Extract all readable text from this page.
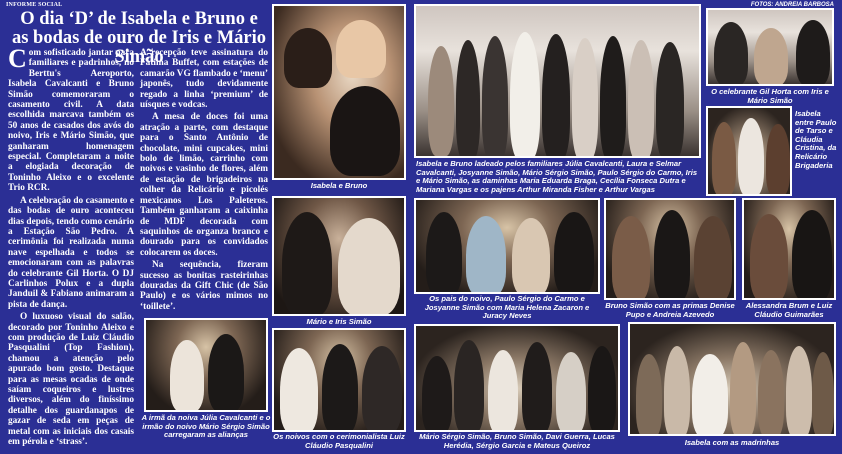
INFORME SOCIAL	FOTOS: ANDREIA BARBOSA
O dia ‘D’ de Isabela e Bruno e as bodas de ouro de Iris e Mário Simão

Com sofisticado jantar para familiares e padrinhos, no Berttu's Aeroporto, Isabela Cavalcanti e Bruno Simão comemoraram o casamento civil. A data escolhida marcava também os 50 anos de casados dos avós do noivo, Iris e Mário Simão, que ganharam homenagem especial. Completaram a noite a elogiada decoração de Toninho Aleixo e o excelente Trio RCR.

A celebração do casamento e das bodas de ouro aconteceu dias depois, tendo como cenário a Estação São Pedro. A cerimônia foi realizada numa nave espelhada e todos se emocionaram com as palavras do celebrante Gil Horta. O DJ Carlinhos Polux e a dupla Janduil & Fabiano animaram a pista de dança.

O luxuoso visual do salão, decorado por Toninho Aleixo e com produção de Luiz Cláudio Pasqualini (Top Fashion), chamou a atenção pelo apurado bom gosto. Destaque para as mesas ocadas de onde saíam coqueiros e lustres diversos, além do finíssimo detalhe dos guardanapos de gazar de seda em peças de metal com as iniciais dos casais em pérola e ‘strass’.

A recepção teve assinatura do Fátima Buffet, com estações de camarão VG flambado e ‘menu’ japonês, tudo devidamente regado a linha ‘premium’ de uísques e vodcas.

A mesa de doces foi uma atração a parte, com destaque para o Santo Antônio de chocolate, mini cupcakes, mini bolo de limão, carrinho com noivos e vasinho de flores, além de estação de brigadeiros na colher da Relicário e picolés mexicanos Los Paleteros. Também ganharam a caixinha de MDF decorada com saquinhos de organza branco e dourado para os convidados colocarem os doces.

Na sequência, fizeram sucesso as bonitas rasteirinhas douradas da Gift Chic (de São Paulo) e os vários mimos no ‘toillete’.

Isabela e Bruno
Isabela e Bruno ladeado pelos familiares Júlia Cavalcanti, Laura e Selmar Cavalcanti, Josyanne Simão, Mário Sérgio Simão, Paulo Sérgio do Carmo, Iris e Mário Simão, as daminhas Maria Eduarda Braga, Cecília Fonseca Dutra e Mariana Vargas e os pajens Arthur Miranda Fisher e Arthur Vargas
O celebrante Gil Horta com Iris e Mário Simão
Isabela entre Paulo de Tarso e Cláudia Cristina, da Relicário Brigaderia
Mário e Iris Simão
Os pais do noivo, Paulo Sérgio do Carmo e Josyanne Simão com Maria Helena Zacaron e Juracy Neves
Bruno Simão com as primas Denise Pupo e Andreia Azevedo
Alessandra Brum e Luiz Cláudio Guimarães
A irmã da noiva Júlia Cavalcanti e o irmão do noivo Mário Sérgio Simão carregaram as alianças	Os noivos com o cerimonialista Luiz Cláudio Pasqualini
Mário Sérgio Simão, Bruno Simão, Davi Guerra, Lucas Herédia, Sérgio Garcia e Mateus Queiroz	Isabela com as madrinhas
